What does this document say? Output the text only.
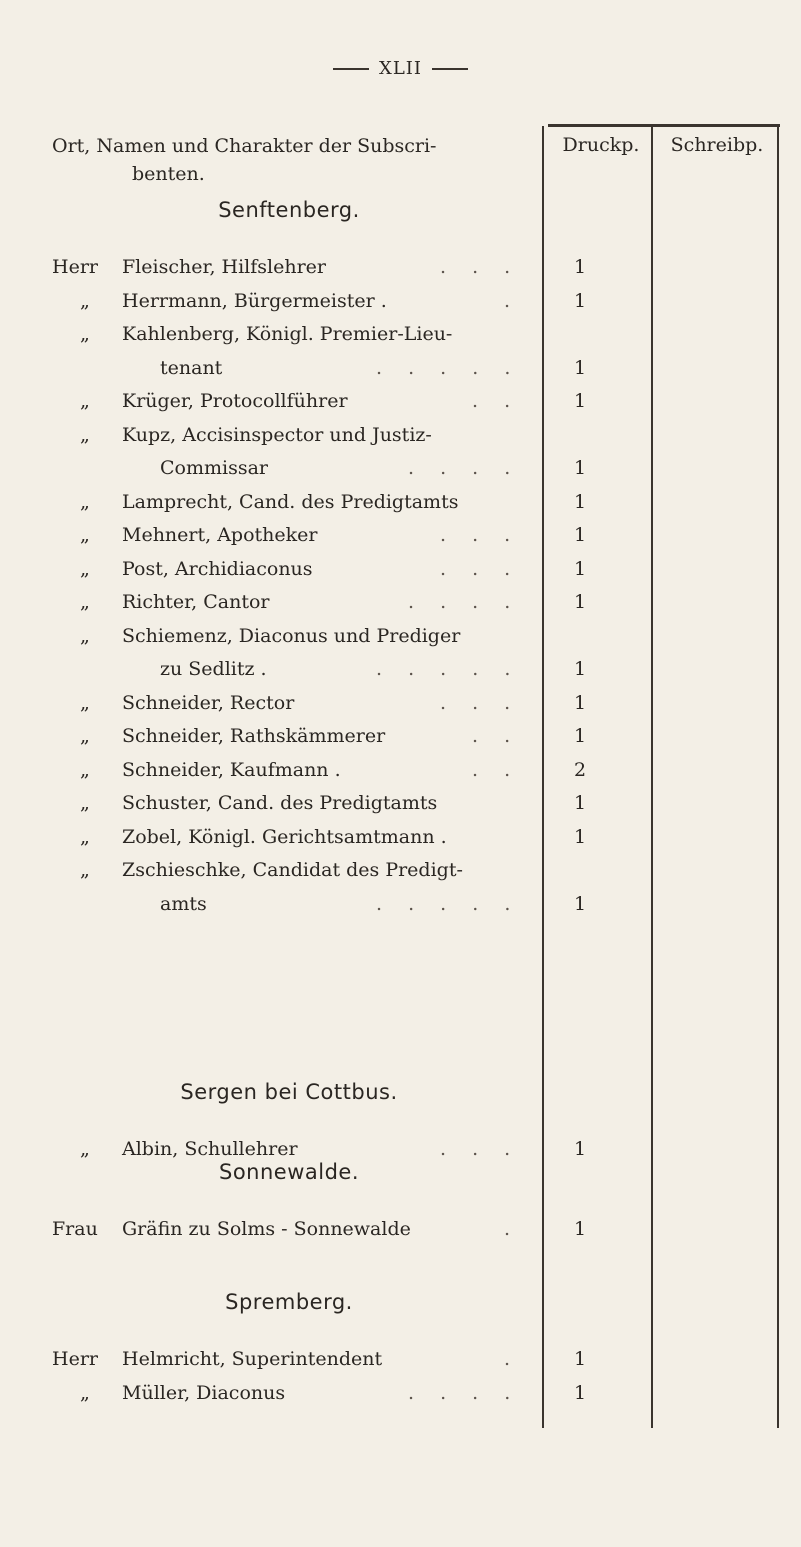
XLII
Ort, Namen und Charakter der Subscri-
benten.
Druckp.	Schreibp.
Senftenberg.
Herr	Fleischer, Hilfslehrer	. . .	1
„ Herrmann, Bürgermeister .	.	1
„ Kahlenberg, Königl. Premier-Lieu-
tenant	. . . . .	1
„ Krüger, Protocollführer	. .	1
„ Kupz, Accisinspector und Justiz-
Commissar	. . . .	1
„ Lamprecht, Cand. des Predigtamts	1
„ Mehnert, Apotheker	. . .	1
„ Post, Archidiaconus	. . .	1
„ Richter, Cantor	. . . .	1
„ Schiemenz, Diaconus und Prediger
zu Sedlitz .	. . . . .	1
„ Schneider, Rector	. . .	1
„ Schneider, Rathskämmerer	. .	1
„ Schneider, Kaufmann .	. .	2
„ Schuster, Cand. des Predigtamts	1
„ Zobel, Königl. Gerichtsamtmann .	1
„ Zschieschke, Candidat des Predigt-
amts	. . . . .	1
Sergen bei Cottbus.
„ Albin, Schullehrer	. . .	1
Sonnewalde.
Frau	Gräfin zu Solms - Sonnewalde	.	1
Spremberg.
Herr	Helmricht, Superintendent	.	1
„ Müller, Diaconus	. . . .	1
